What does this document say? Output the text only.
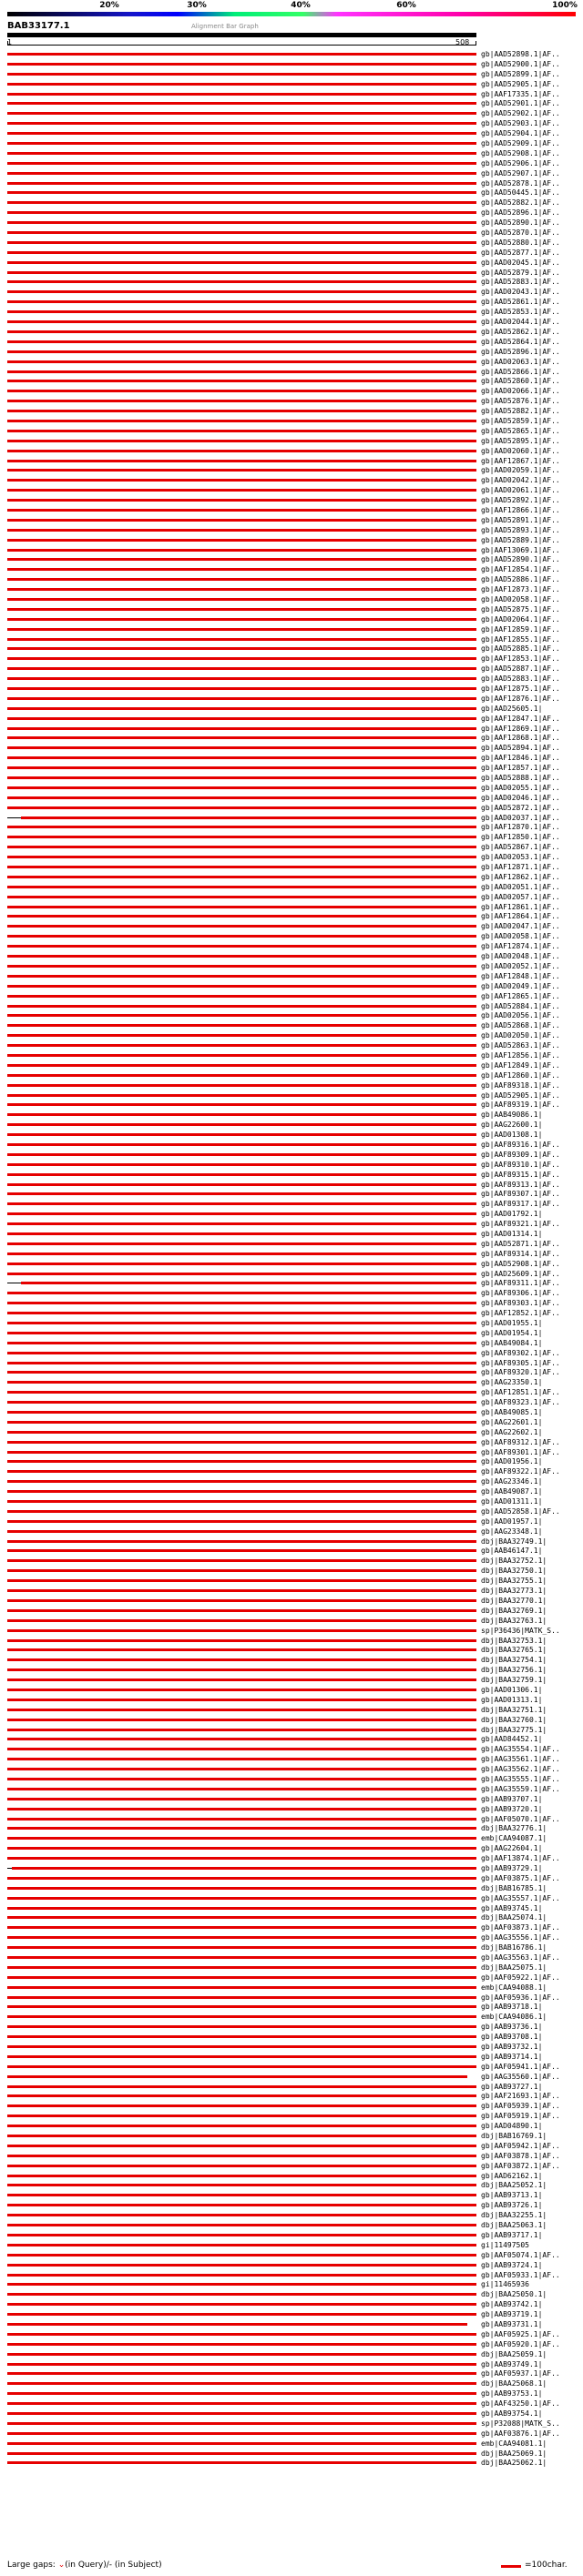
20%	30%	40%	60%	100%
BAB33177.1	Alignment Bar Graph
1	508
gb|AAD52898.1|AF..
gb|AAD52900.1|AF..
gb|AAD52899.1|AF..
gb|AAD52905.1|AF..
gb|AAF17335.1|AF..
gb|AAD52901.1|AF..
gb|AAD52902.1|AF..
gb|AAD52903.1|AF..
gb|AAD52904.1|AF..
gb|AAD52909.1|AF..
gb|AAD52908.1|AF..
gb|AAD52906.1|AF..
gb|AAD52907.1|AF..
gb|AAD52878.1|AF..
gb|AAD50445.1|AF..
gb|AAD52882.1|AF..
gb|AAD52896.1|AF..
gb|AAD52890.1|AF..
gb|AAD52870.1|AF..
gb|AAD52880.1|AF..
gb|AAD52877.1|AF..
gb|AAD02045.1|AF..
gb|AAD52879.1|AF..
gb|AAD52883.1|AF..
gb|AAD02043.1|AF..
gb|AAD52861.1|AF..
gb|AAD52853.1|AF..
gb|AAD02044.1|AF..
gb|AAD52862.1|AF..
gb|AAD52864.1|AF..
gb|AAD52896.1|AF..
gb|AAD02063.1|AF..
gb|AAD52866.1|AF..
gb|AAD52860.1|AF..
gb|AAD02066.1|AF..
gb|AAD52876.1|AF..
gb|AAD52882.1|AF..
gb|AAD52859.1|AF..
gb|AAD52865.1|AF..
gb|AAD52895.1|AF..
gb|AAD02060.1|AF..
gb|AAF12867.1|AF..
gb|AAD02059.1|AF..
gb|AAD02042.1|AF..
gb|AAD02061.1|AF..
gb|AAD52892.1|AF..
gb|AAF12866.1|AF..
gb|AAD52891.1|AF..
gb|AAD52893.1|AF..
gb|AAD52889.1|AF..
gb|AAF13069.1|AF..
gb|AAD52890.1|AF..
gb|AAF12854.1|AF..
gb|AAD52886.1|AF..
gb|AAF12873.1|AF..
gb|AAD02058.1|AF..
gb|AAD52875.1|AF..
gb|AAD02064.1|AF..
gb|AAF12859.1|AF..
gb|AAF12855.1|AF..
gb|AAD52885.1|AF..
gb|AAF12853.1|AF..
gb|AAD52887.1|AF..
gb|AAD52883.1|AF..
gb|AAF12875.1|AF..
gb|AAF12876.1|AF..
gb|AAD25605.1|
gb|AAF12847.1|AF..
gb|AAF12869.1|AF..
gb|AAF12868.1|AF..
gb|AAD52894.1|AF..
gb|AAF12846.1|AF..
gb|AAF12857.1|AF..
gb|AAD52888.1|AF..
gb|AAD02055.1|AF..
gb|AAD02046.1|AF..
gb|AAD52872.1|AF..
gb|AAD02037.1|AF..
gb|AAF12870.1|AF..
gb|AAF12850.1|AF..
gb|AAD52867.1|AF..
gb|AAD02053.1|AF..
gb|AAF12871.1|AF..
gb|AAF12862.1|AF..
gb|AAD02051.1|AF..
gb|AAD02057.1|AF..
gb|AAF12861.1|AF..
gb|AAF12864.1|AF..
gb|AAD02047.1|AF..
gb|AAD02058.1|AF..
gb|AAF12874.1|AF..
gb|AAD02048.1|AF..
gb|AAD02052.1|AF..
gb|AAF12848.1|AF..
gb|AAD02049.1|AF..
gb|AAF12865.1|AF..
gb|AAD52884.1|AF..
gb|AAD02056.1|AF..
gb|AAD52868.1|AF..
gb|AAD02050.1|AF..
gb|AAD52863.1|AF..
gb|AAF12856.1|AF..
gb|AAF12849.1|AF..
gb|AAF12860.1|AF..
gb|AAF89318.1|AF..
gb|AAD52905.1|AF..
gb|AAF89319.1|AF..
gb|AAB49086.1|
gb|AAG22600.1|
gb|AAD01308.1|
gb|AAF89316.1|AF..
gb|AAF89309.1|AF..
gb|AAF89310.1|AF..
gb|AAF89315.1|AF..
gb|AAF89313.1|AF..
gb|AAF89307.1|AF..
gb|AAF89317.1|AF..
gb|AAD01792.1|
gb|AAF89321.1|AF..
gb|AAD01314.1|
gb|AAD52871.1|AF..
gb|AAF89314.1|AF..
gb|AAD52908.1|AF..
gb|AAD25609.1|AF..
gb|AAF89311.1|AF..
gb|AAF89306.1|AF..
gb|AAF89303.1|AF..
gb|AAF12852.1|AF..
gb|AAD01955.1|
gb|AAD01954.1|
gb|AAB49084.1|
gb|AAF89302.1|AF..
gb|AAF89305.1|AF..
gb|AAF89320.1|AF..
gb|AAG23350.1|
gb|AAF12851.1|AF..
gb|AAF89323.1|AF..
gb|AAB49085.1|
gb|AAG22601.1|
gb|AAG22602.1|
gb|AAF89312.1|AF..
gb|AAF89301.1|AF..
gb|AAD01956.1|
gb|AAF89322.1|AF..
gb|AAG23346.1|
gb|AAB49087.1|
gb|AAD01311.1|
gb|AAD52858.1|AF..
gb|AAD01957.1|
gb|AAG23348.1|
dbj|BAA32749.1|
gb|AAB46147.1|
dbj|BAA32752.1|
dbj|BAA32750.1|
dbj|BAA32755.1|
dbj|BAA32773.1|
dbj|BAA32770.1|
dbj|BAA32769.1|
dbj|BAA32763.1|
sp|P36436|MATK_S..
dbj|BAA32753.1|
dbj|BAA32765.1|
dbj|BAA32754.1|
dbj|BAA32756.1|
dbj|BAA32759.1|
gb|AAD01306.1|
gb|AAD01313.1|
dbj|BAA32751.1|
dbj|BAA32760.1|
dbj|BAA32775.1|
gb|AAD84452.1|
gb|AAG35554.1|AF..
gb|AAG35561.1|AF..
gb|AAG35562.1|AF..
gb|AAG35555.1|AF..
gb|AAG35559.1|AF..
gb|AAB93707.1|
gb|AAB93720.1|
gb|AAF05070.1|AF..
dbj|BAA32776.1|
emb|CAA94087.1|
gb|AAG22604.1|
gb|AAF13874.1|AF..
gb|AAB93729.1|
gb|AAF03875.1|AF..
dbj|BAB16785.1|
gb|AAG35557.1|AF..
gb|AAB93745.1|
dbj|BAA25074.1|
gb|AAF03873.1|AF..
gb|AAG35556.1|AF..
dbj|BAB16786.1|
gb|AAG35563.1|AF..
dbj|BAA25075.1|
gb|AAF05922.1|AF..
emb|CAA94088.1|
gb|AAF05936.1|AF..
gb|AAB93718.1|
emb|CAA94086.1|
gb|AAB93736.1|
gb|AAB93708.1|
gb|AAB93732.1|
gb|AAB93714.1|
gb|AAF05941.1|AF..
gb|AAG35560.1|AF..
gb|AAB93727.1|
gb|AAF21693.1|AF..
gb|AAF05939.1|AF..
gb|AAF05919.1|AF..
gb|AAD04890.1|
dbj|BAB16769.1|
gb|AAF05942.1|AF..
gb|AAF03878.1|AF..
gb|AAF03872.1|AF..
gb|AAD62162.1|
dbj|BAA25052.1|
gb|AAB93713.1|
gb|AAB93726.1|
dbj|BAA32255.1|
dbj|BAA25063.1|
gb|AAB93717.1|
gi|11497505
gb|AAF05074.1|AF..
gb|AAB93724.1|
gb|AAF05933.1|AF..
gi|11465936
dbj|BAA25050.1|
gb|AAB93742.1|
gb|AAB93719.1|
gb|AAB93731.1|
gb|AAF05925.1|AF..
gb|AAF05920.1|AF..
dbj|BAA25059.1|
gb|AAB93749.1|
gb|AAF05937.1|AF..
dbj|BAA25068.1|
gb|AAB93753.1|
gb|AAF43250.1|AF..
gb|AAB93754.1|
sp|P32088|MATK_S..
gb|AAF03876.1|AF..
emb|CAA94081.1|
dbj|BAA25069.1|
dbj|BAA25062.1|
Large gaps: ⌄(in Query)/- (in Subject)	=100char.
